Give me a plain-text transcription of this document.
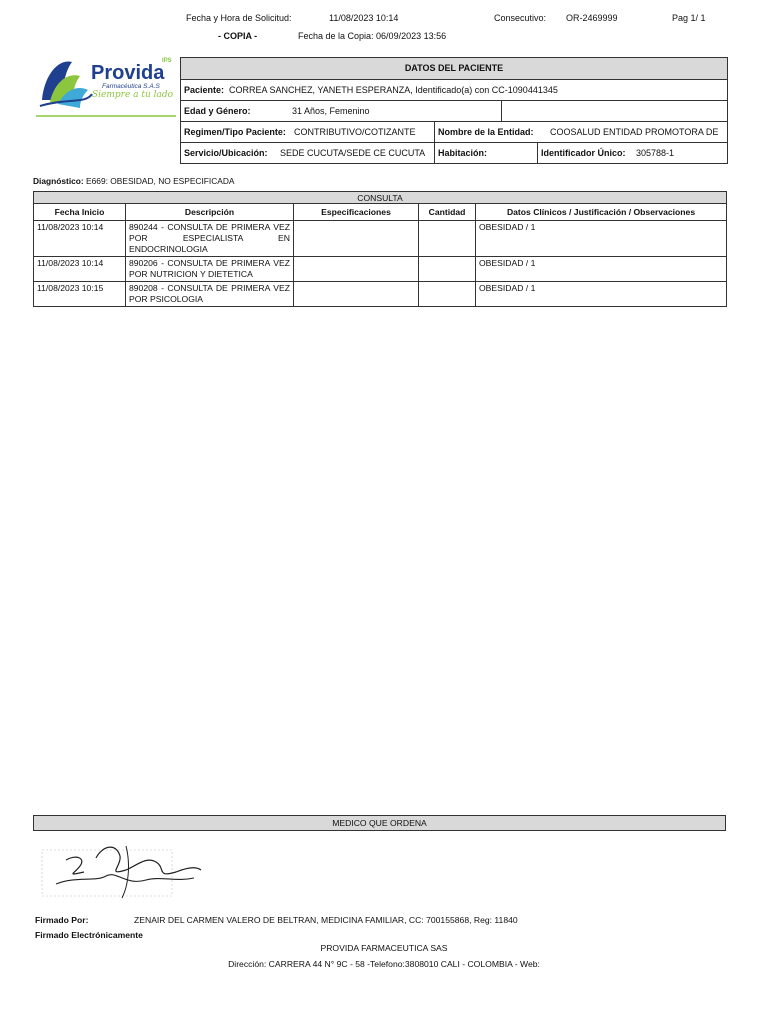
Fecha y Hora de Solicitud:	11/08/2023 10:14	Consecutivo: OR-2469999	Pag 1/ 1
- COPIA -	Fecha de la Copia: 06/09/2023 13:56
Provida
IPS
Farmacéutica S.A.S
Siempre a tu lado
DATOS DEL PACIENTE
Paciente: CORREA SANCHEZ, YANETH ESPERANZA, Identificado(a) con CC-1090441345
Edad y Género:	31 Años, Femenino
Regimen/Tipo Paciente: CONTRIBUTIVO/COTIZANTE	Nombre de la Entidad:	COOSALUD ENTIDAD PROMOTORA DE
Servicio/Ubicación:	SEDE CUCUTA/SEDE CE CUCUTA	Habitación:	Identificador Único:	305788-1
Diagnóstico: E669: OBESIDAD, NO ESPECIFICADA
CONSULTA				
Fecha Inicio	Descripción	Especificaciones	Cantidad	Datos Clínicos / Justificación / Observaciones
11/08/2023 10:14	890244 - CONSULTA DE PRIMERA VEZ POR ESPECIALISTA EN ENDOCRINOLOGIA			OBESIDAD / 1
11/08/2023 10:14	890206 - CONSULTA DE PRIMERA VEZ POR NUTRICION Y DIETETICA			OBESIDAD / 1
11/08/2023 10:15	890208 - CONSULTA DE PRIMERA VEZ POR PSICOLOGIA			OBESIDAD / 1
MEDICO QUE ORDENA
Firmado Por:	ZENAIR DEL CARMEN VALERO DE BELTRAN, MEDICINA FAMILIAR, CC: 700155868, Reg: 11840
Firmado Electrónicamente
PROVIDA FARMACEUTICA SAS
Dirección: CARRERA 44 N° 9C - 58 -Telefono:3808010 CALI - COLOMBIA - Web:
